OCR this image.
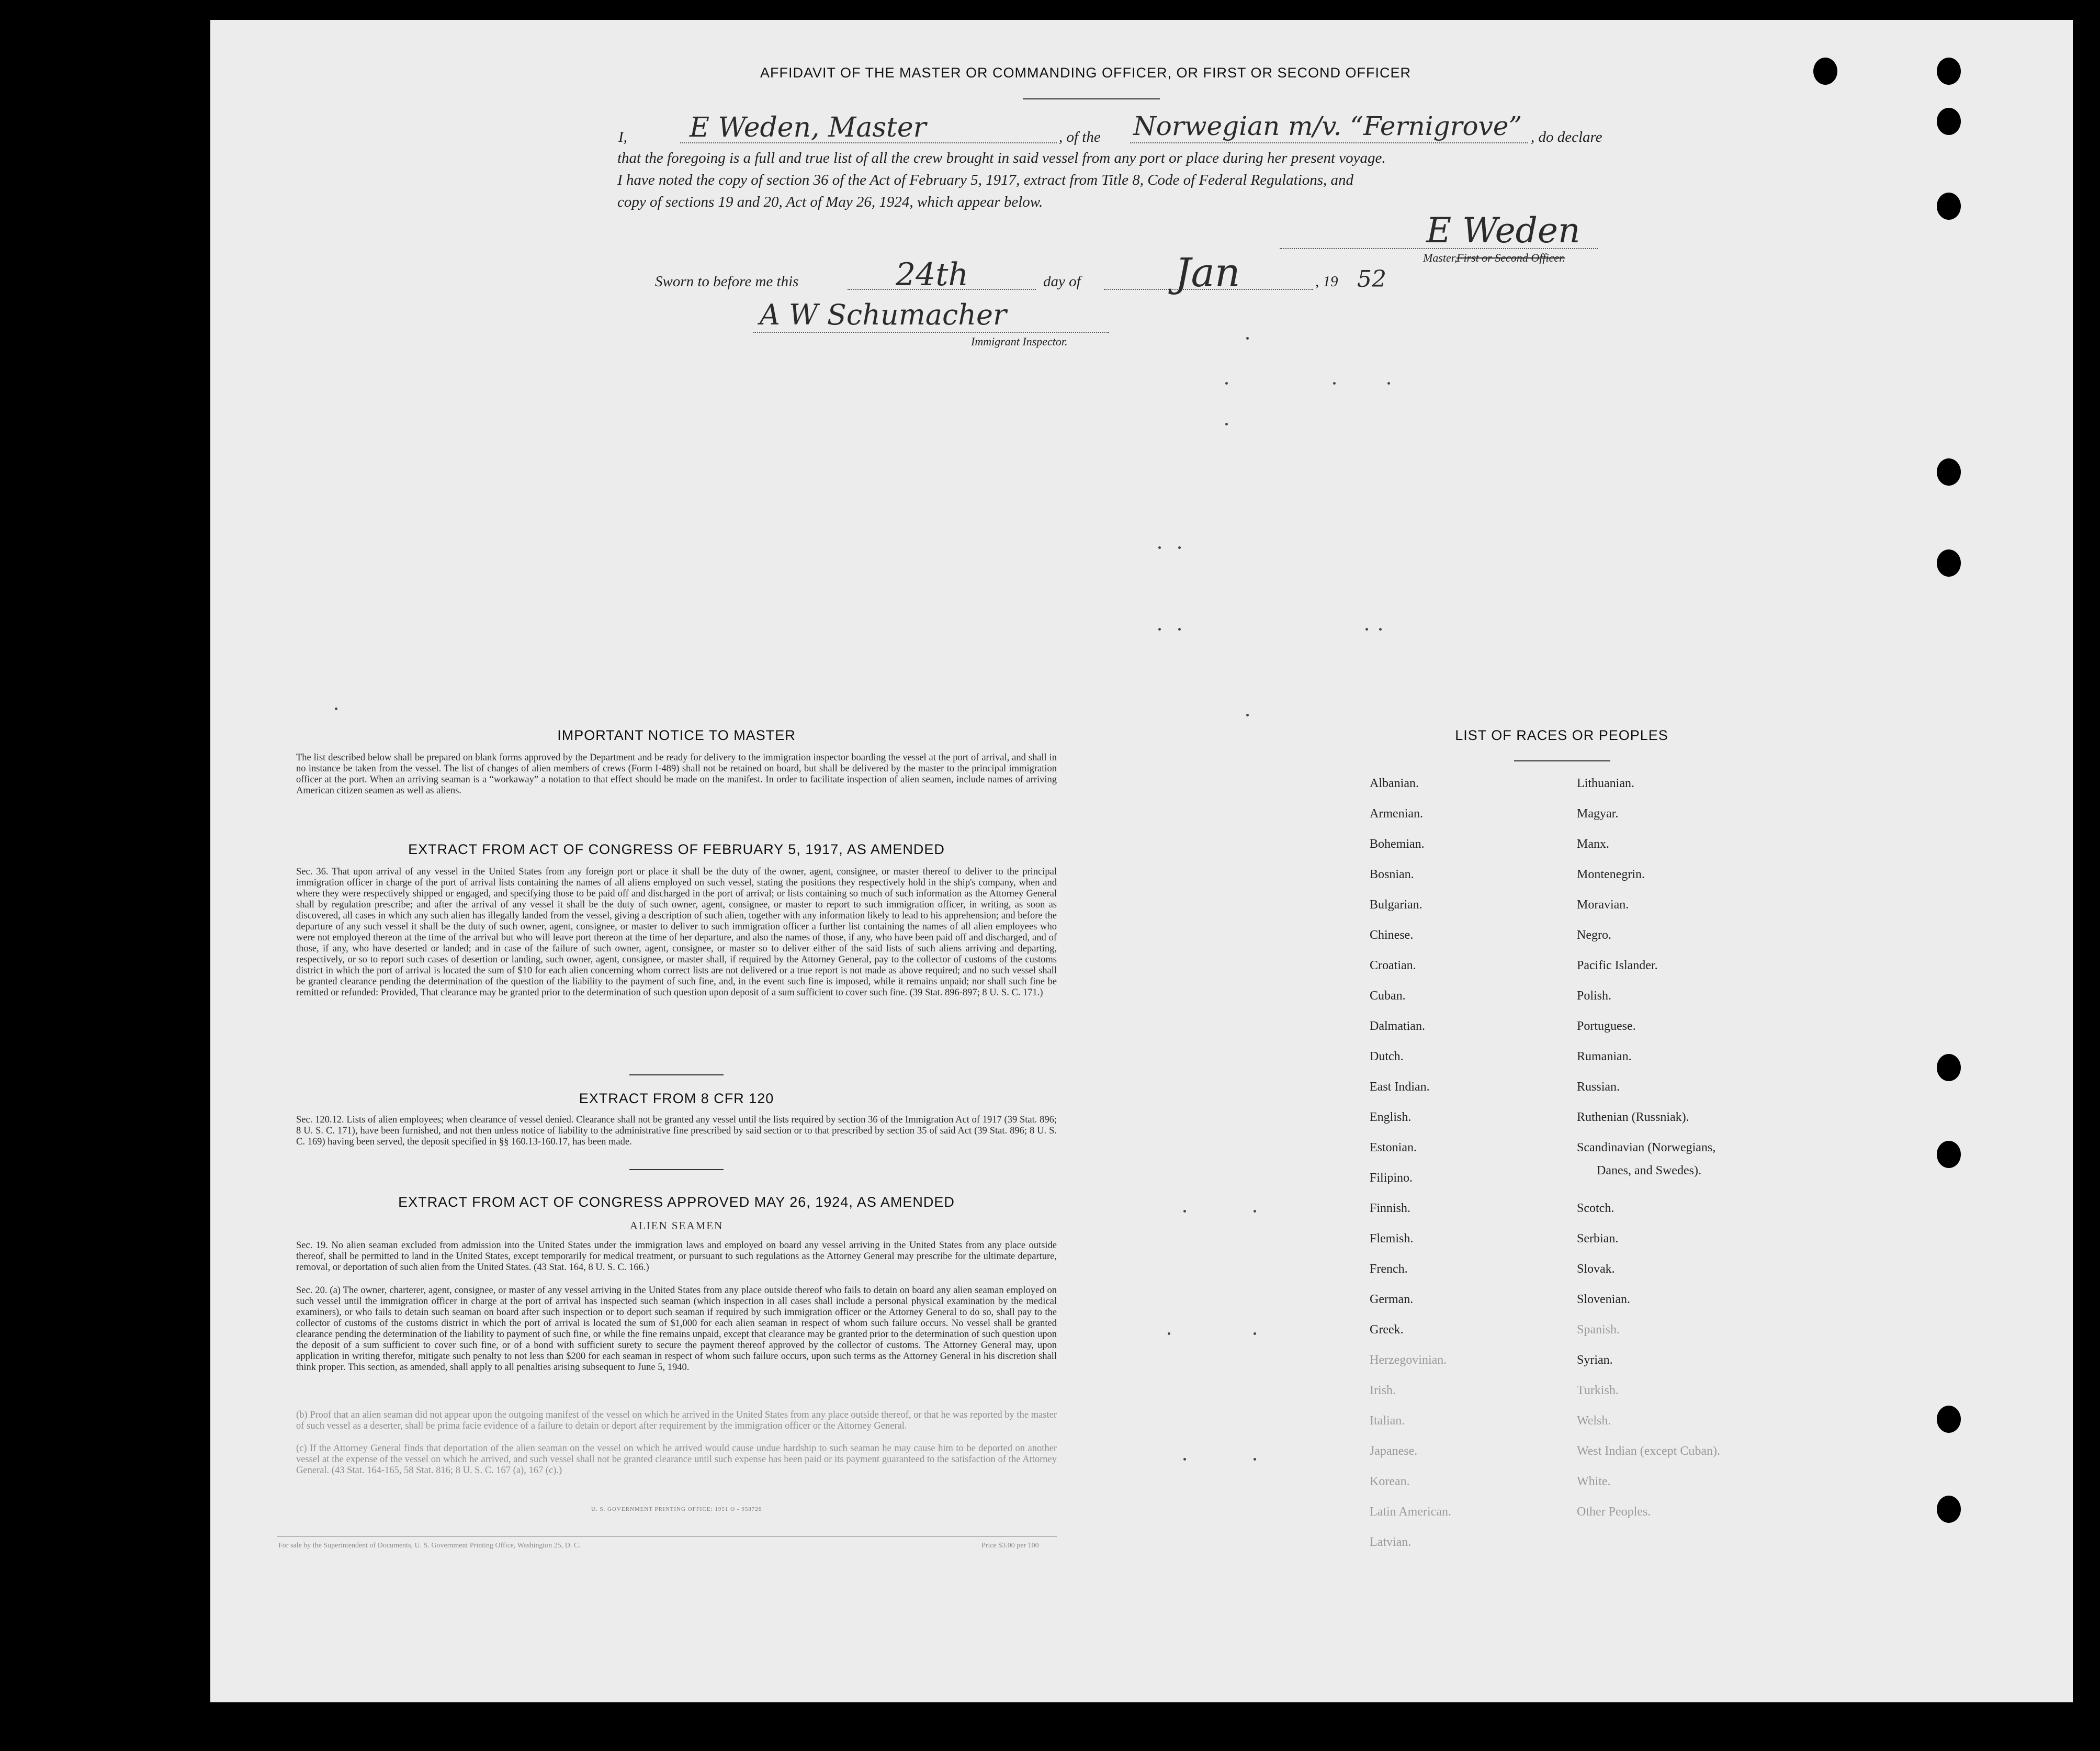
AFFIDAVIT OF THE MASTER OR COMMANDING OFFICER, OR FIRST OR SECOND OFFICER
I, E Weden, Master	, of the Norwegian m/v. “Fernigrove” , do declare
that the foregoing is a full and true list of all the crew brought in said vessel from any port or place during her present voyage.
I have noted the copy of section 36 of the Act of February 5, 1917, extract from Title 8, Code of Federal Regulations, and
copy of sections 19 and 20, Act of May 26, 1924, which appear below.
E Weden
Master,
First or Second Officer.
Sworn to before me this	24th	day of Jan	, 19 52
A W Schumacher
Immigrant Inspector.
IMPORTANT NOTICE TO MASTER
The list described below shall be prepared on blank forms approved by the Department and be ready for delivery to the immigration inspector boarding the vessel at the port of arrival, and shall in no instance be taken from the vessel. The list of changes of alien members of crews (Form I-489) shall not be retained on board, but shall be delivered by the master to the principal immigration officer at the port. When an arriving seaman is a “workaway” a notation to that effect should be made on the manifest. In order to facilitate inspection of alien seamen, include names of arriving American citizen seamen as well as aliens.
EXTRACT FROM ACT OF CONGRESS OF FEBRUARY 5, 1917, AS AMENDED
Sec. 36. That upon arrival of any vessel in the United States from any foreign port or place it shall be the duty of the owner, agent, consignee, or master thereof to deliver to the principal immigration officer in charge of the port of arrival lists containing the names of all aliens employed on such vessel, stating the positions they respectively hold in the ship's company, when and where they were respectively shipped or engaged, and specifying those to be paid off and discharged in the port of arrival; or lists containing so much of such information as the Attorney General shall by regulation prescribe; and after the arrival of any vessel it shall be the duty of such owner, agent, consignee, or master to report to such immigration officer, in writing, as soon as discovered, all cases in which any such alien has illegally landed from the vessel, giving a description of such alien, together with any information likely to lead to his apprehension; and before the departure of any such vessel it shall be the duty of such owner, agent, consignee, or master to deliver to such immigration officer a further list containing the names of all alien employees who were not employed thereon at the time of the arrival but who will leave port thereon at the time of her departure, and also the names of those, if any, who have been paid off and discharged, and of those, if any, who have deserted or landed; and in case of the failure of such owner, agent, consignee, or master so to deliver either of the said lists of such aliens arriving and departing, respectively, or so to report such cases of desertion or landing, such owner, agent, consignee, or master shall, if required by the Attorney General, pay to the collector of customs of the customs district in which the port of arrival is located the sum of $10 for each alien concerning whom correct lists are not delivered or a true report is not made as above required; and no such vessel shall be granted clearance pending the determination of the question of the liability to the payment of such fine, and, in the event such fine is imposed, while it remains unpaid; nor shall such fine be remitted or refunded: Provided, That clearance may be granted prior to the determination of such question upon deposit of a sum sufficient to cover such fine. (39 Stat. 896-897; 8 U. S. C. 171.)
EXTRACT FROM 8 CFR 120
Sec. 120.12. Lists of alien employees; when clearance of vessel denied. Clearance shall not be granted any vessel until the lists required by section 36 of the Immigration Act of 1917 (39 Stat. 896; 8 U. S. C. 171), have been furnished, and not then unless notice of liability to the administrative fine prescribed by said section or to that prescribed by section 35 of said Act (39 Stat. 896; 8 U. S. C. 169) having been served, the deposit specified in §§ 160.13-160.17, has been made.
EXTRACT FROM ACT OF CONGRESS APPROVED MAY 26, 1924, AS AMENDED
ALIEN SEAMEN
Sec. 19. No alien seaman excluded from admission into the United States under the immigration laws and employed on board any vessel arriving in the United States from any place outside thereof, shall be permitted to land in the United States, except temporarily for medical treatment, or pursuant to such regulations as the Attorney General may prescribe for the ultimate departure, removal, or deportation of such alien from the United States. (43 Stat. 164, 8 U. S. C. 166.)
Sec. 20. (a) The owner, charterer, agent, consignee, or master of any vessel arriving in the United States from any place outside thereof who fails to detain on board any alien seaman employed on such vessel until the immigration officer in charge at the port of arrival has inspected such seaman (which inspection in all cases shall include a personal physical examination by the medical examiners), or who fails to detain such seaman on board after such inspection or to deport such seaman if required by such immigration officer or the Attorney General to do so, shall pay to the collector of customs of the customs district in which the port of arrival is located the sum of $1,000 for each alien seaman in respect of whom such failure occurs. No vessel shall be granted clearance pending the determination of the liability to payment of such fine, or while the fine remains unpaid, except that clearance may be granted prior to the determination of such question upon the deposit of a sum sufficient to cover such fine, or of a bond with sufficient surety to secure the payment thereof approved by the collector of customs. The Attorney General may, upon application in writing therefor, mitigate such penalty to not less than $200 for each seaman in respect of whom such failure occurs, upon such terms as the Attorney General in his discretion shall think proper. This section, as amended, shall apply to all penalties arising subsequent to June 5, 1940.
(b) Proof that an alien seaman did not appear upon the outgoing manifest of the vessel on which he arrived in the United States from any place outside thereof, or that he was reported by the master of such vessel as a deserter, shall be prima facie evidence of a failure to detain or deport after requirement by the immigration officer or the Attorney General.
(c) If the Attorney General finds that deportation of the alien seaman on the vessel on which he arrived would cause undue hardship to such seaman he may cause him to be deported on another vessel at the expense of the vessel on which he arrived, and such vessel shall not be granted clearance until such expense has been paid or its payment guaranteed to the satisfaction of the Attorney General. (43 Stat. 164-165, 58 Stat. 816; 8 U. S. C. 167 (a), 167 (c).)
U. S. GOVERNMENT PRINTING OFFICE: 1951 O - 958726
For sale by the Superintendent of Documents, U. S. Government Printing Office, Washington 25, D. C.	Price $3.00 per 100
LIST OF RACES OR PEOPLES
Albanian.
Armenian.
Bohemian.
Bosnian.
Bulgarian.
Chinese.
Croatian.
Cuban.
Dalmatian.
Dutch.
East Indian.
English.
Estonian.
Filipino.
Finnish.
Flemish.
French.
German.
Greek.
Herzegovinian.
Irish.
Italian.
Japanese.
Korean.
Latin American.
Latvian.
Lithuanian.
Magyar.
Manx.
Montenegrin.
Moravian.
Negro.
Pacific Islander.
Polish.
Portuguese.
Rumanian.
Russian.
Ruthenian (Russniak).
Scandinavian (Norwegians,
Danes, and Swedes).
Scotch.
Serbian.
Slovak.
Slovenian.
Spanish.
Syrian.
Turkish.
Welsh.
West Indian (except Cuban).
White.
Other Peoples.
